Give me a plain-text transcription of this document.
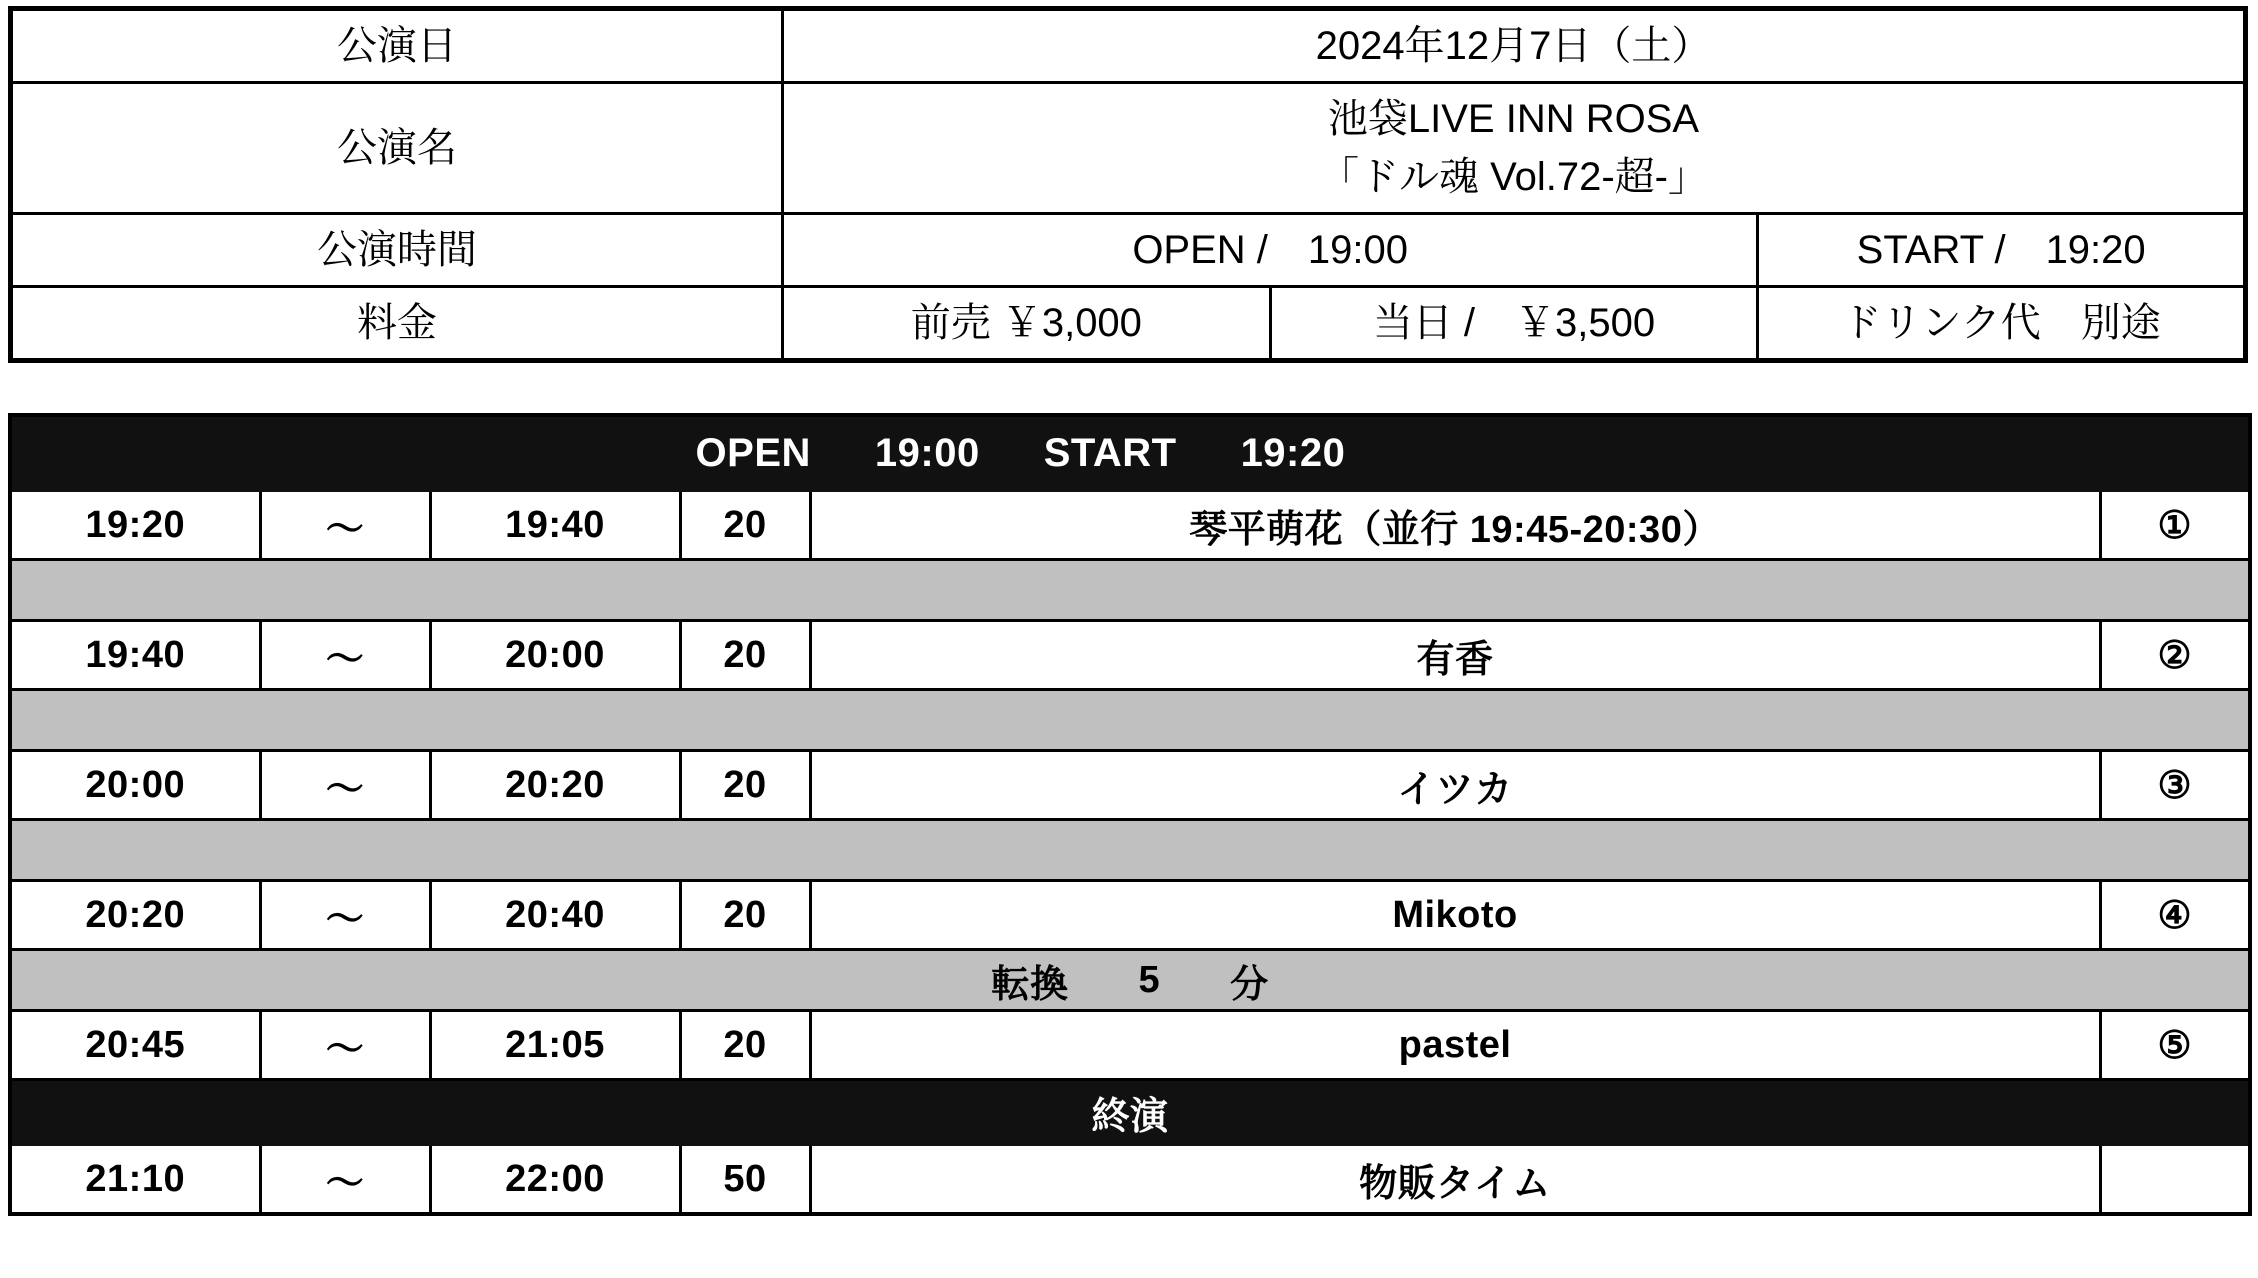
公演日	2024年12月7日（土）		
公演名	池袋LIVE INN ROSA
「ドル魂 Vol.72-超-」		

公演時間	OPEN /　19:00		START /　19:20
料金	前売 ￥3,000	当日 /　￥3,500	ドリンク代　別途

			OPEN 19:00 START 19:20		

19:20	〜	19:40	20	琴平萌花（並行 19:45-20:30）	①

19:40	〜	20:00	20	有香	②

20:00	〜	20:20	20	イツカ	③

20:20	〜	20:40	20	Mikoto	④

転換 5 分					

20:45	〜	21:05	20	pastel	⑤
終演					
21:10	〜	22:00	50	物販タイム	
